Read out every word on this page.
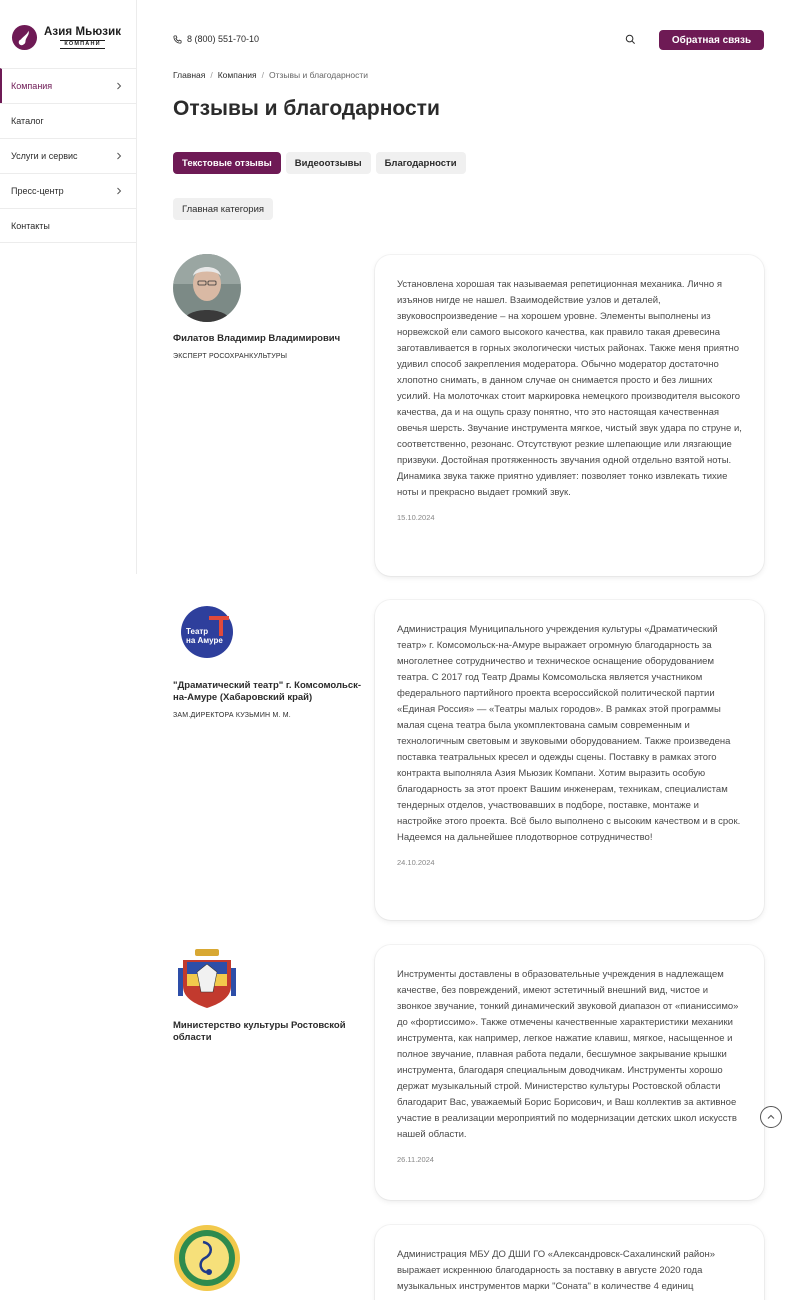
Азия Мьюзик
КОМПАНИ
Компания
Каталог
Услуги и сервис
Пресс-центр
Контакты
8 (800) 551-70-10	Обратная связь
Главная / Компания / Отзывы и благодарности
Отзывы и благодарности
Текстовые отзывы	Видеоотзывы	Благодарности
Главная категория
Филатов Владимир Владимирович
ЭКСПЕРТ РОСОХРАНКУЛЬТУРЫ

Установлена хорошая так называемая репетиционная механика. Лично я изъянов нигде не нашел. Взаимодействие узлов и деталей, звуковоспроизведение – на хорошем уровне. Элементы выполнены из норвежской ели самого высокого качества, как правило такая древесина заготавливается в горных экологически чистых районах. Также меня приятно удивил способ закрепления модератора. Обычно модератор достаточно хлопотно снимать, в данном случае он снимается просто и без лишних усилий. На молоточках стоит маркировка немецкого производителя высокого качества, да и на ощупь сразу понятно, что это настоящая качественная овечья шерсть. Звучание инструмента мягкое, чистый звук удара по струне и, соответственно, резонанс. Отсутствуют резкие шлепающие или лязгающие призвуки. Достойная протяженность звучания одной отдельно взятой ноты. Динамика звука также приятно удивляет: позволяет тонко извлекать тихие ноты и прекрасно выдает громкий звук.

15.10.2024
Театр
на Амуре
"Драматический театр" г. Комсомольск-на-Амуре (Хабаровский край)
ЗАМ.ДИРЕКТОРА КУЗЬМИН М. М.

Администрация Муниципального учреждения культуры «Драматический театр» г. Комсомольск-на-Амуре выражает огромную благодарность за многолетнее сотрудничество и техническое оснащение оборудованием театра. С 2017 год Театр Драмы Комсомольска является участником федерального партийного проекта всероссийской политической партии «Единая Россия» — «Театры малых городов». В рамках этой программы малая сцена театра была укомплектована самым современным и технологичным световым и звуковыми оборудованием. Также произведена поставка театральных кресел и одежды сцены. Поставку в рамках этого контракта выполняла Азия Мьюзик Компани. Хотим выразить особую благодарность за этот проект Вашим инженерам, техникам, специалистам тендерных отделов, участвовавших в подборе, поставке, монтаже и настройке этого проекта. Всё было выполнено с высоким качеством и в срок. Надеемся на дальнейшее плодотворное сотрудничество!

24.10.2024
Министерство культуры Ростовской области

Инструменты доставлены в образовательные учреждения в надлежащем качестве, без повреждений, имеют эстетичный внешний вид, чистое и звонкое звучание, тонкий динамический звуковой диапазон от «пианиссимо» до «фортиссимо». Также отмечены качественные характеристики механики инструмента, как например, легкое нажатие клавиш, мягкое, насыщенное и полное звучание, плавная работа педали, бесшумное закрывание крышки инструмента, благодаря специальным доводчикам. Инструменты хорошо держат музыкальный строй. Министерство культуры Ростовской области благодарит Вас, уважаемый Борис Борисович, и Ваш коллектив за активное участие в реализации мероприятий по модернизации детских школ искусств нашей области.

26.11.2024

Администрация МБУ ДО ДШИ ГО «Александровск-Сахалинский район» выражает искреннюю благодарность за поставку в августе 2020 года музыкальных инструментов марки "Соната" в количестве 4 единиц
